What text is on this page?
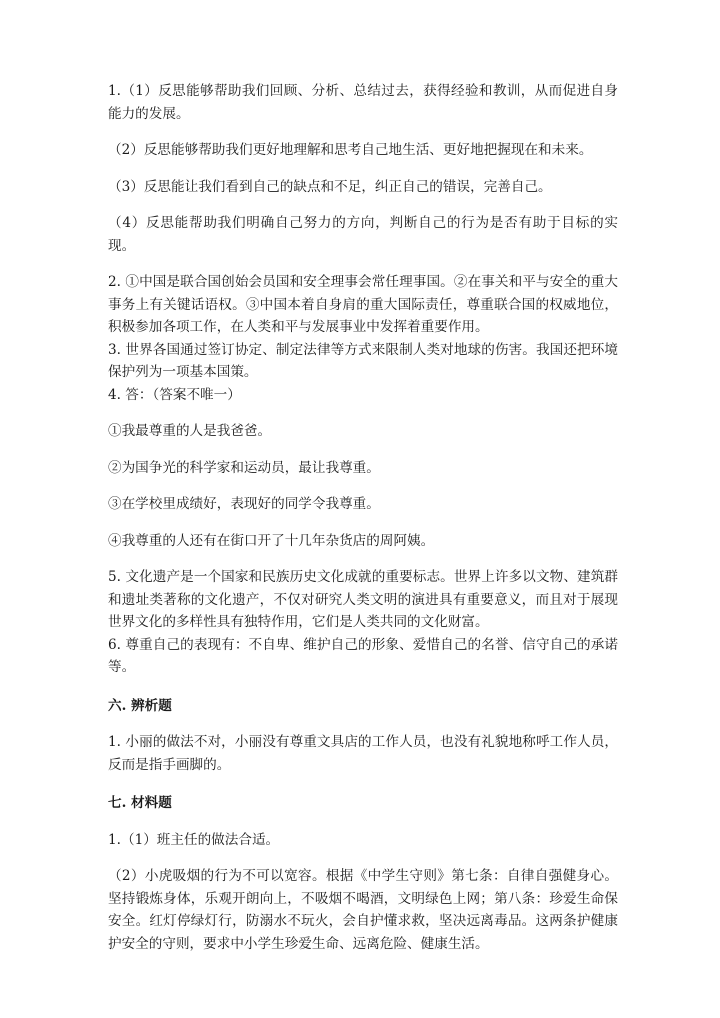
1.（1）反思能够帮助我们回顾、分析、总结过去，获得经验和教训，从而促进自身能力的发展。

（2）反思能够帮助我们更好地理解和思考自己地生活、更好地把握现在和未来。

（3）反思能让我们看到自己的缺点和不足，纠正自己的错误，完善自己。

（4）反思能帮助我们明确自己努力的方向，判断自己的行为是否有助于目标的实现。

2. ①中国是联合国创始会员国和安全理事会常任理事国。②在事关和平与安全的重大事务上有关键话语权。③中国本着自身肩的重大国际责任，尊重联合国的权威地位，积极参加各项工作，在人类和平与发展事业中发挥着重要作用。

3. 世界各国通过签订协定、制定法律等方式来限制人类对地球的伤害。我国还把环境保护列为一项基本国策。

4. 答：（答案不唯一）

①我最尊重的人是我爸爸。

②为国争光的科学家和运动员，最让我尊重。

③在学校里成绩好，表现好的同学令我尊重。

④我尊重的人还有在街口开了十几年杂货店的周阿姨。

5. 文化遗产是一个国家和民族历史文化成就的重要标志。世界上许多以文物、建筑群和遗址类著称的文化遗产，不仅对研究人类文明的演进具有重要意义，而且对于展现世界文化的多样性具有独特作用，它们是人类共同的文化财富。

6. 尊重自己的表现有：不自卑、维护自己的形象、爱惜自己的名誉、信守自己的承诺等。

六. 辨析题

1. 小丽的做法不对，小丽没有尊重文具店的工作人员，也没有礼貌地称呼工作人员，反而是指手画脚的。

七. 材料题

1.（1）班主任的做法合适。

（2）小虎吸烟的行为不可以宽容。根据《中学生守则》第七条：自律自强健身心。坚持锻炼身体，乐观开朗向上，不吸烟不喝酒，文明绿色上网；第八条：珍爱生命保安全。红灯停绿灯行，防溺水不玩火，会自护懂求救，坚决远离毒品。这两条护健康护安全的守则，要求中小学生珍爱生命、远离危险、健康生活。
